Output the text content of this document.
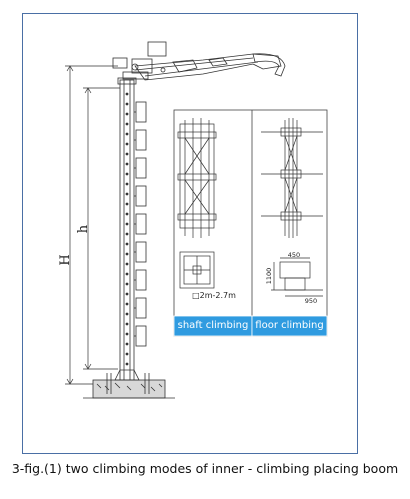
H
h
□2m-2.7m
450
1100
950
shaft climbing floor climbing
3-fig.(1) two climbing modes of inner - climbing placing boom
